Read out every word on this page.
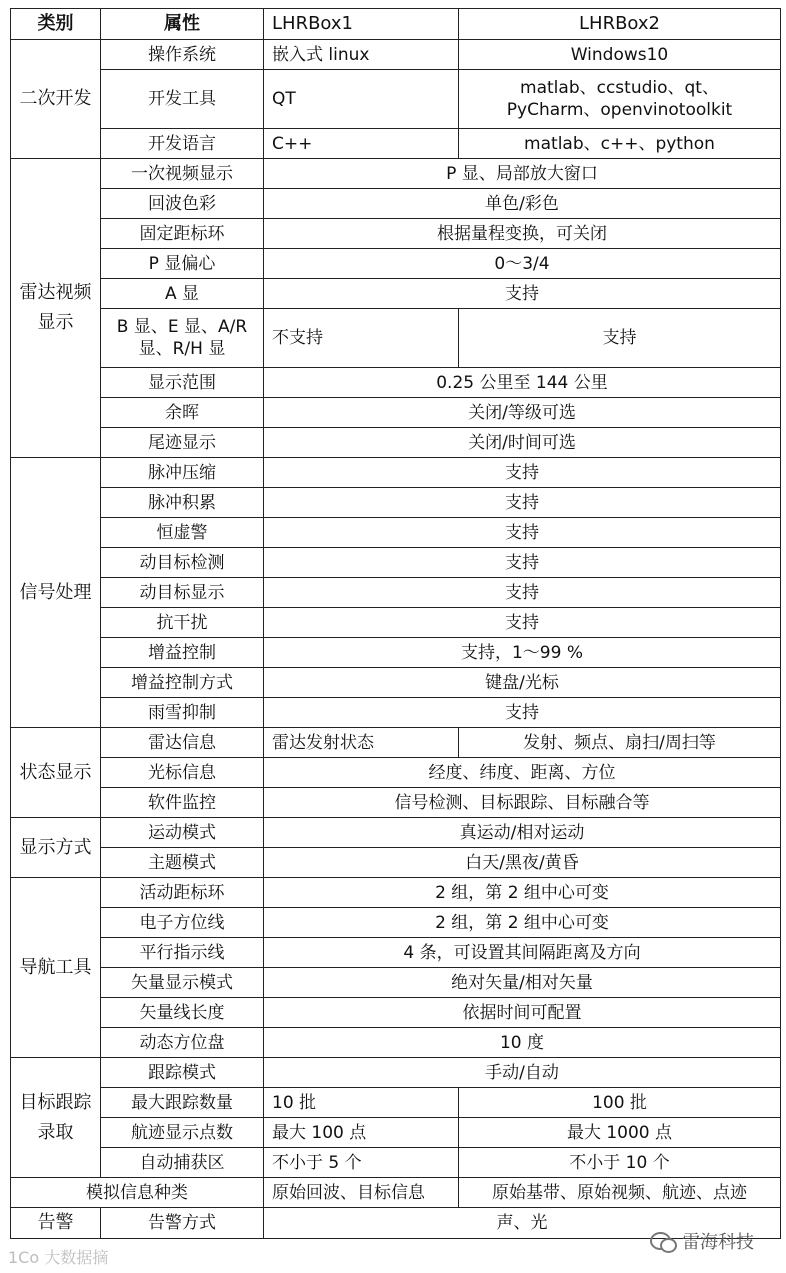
类别	属性	LHRBox1	LHRBox2
二次开发	操作系统	嵌入式 linux	Windows10
	开发工具	QT	matlab、ccstudio、qt、
PyCharm、openvinotoolkit

	开发语言	C++	matlab、c++、python
雷达视频显示	一次视频显示	P 显、局部放大窗口	
	回波色彩	单色/彩色	
	固定距标环	根据量程变换，可关闭	
	P 显偏心	0～3/4	
	A 显	支持	

	B 显、E 显、A/R
显、R/H 显	不支持	支持
	显示范围	0.25 公里至 144 公里	
	余晖	关闭/等级可选	
	尾迹显示	关闭/时间可选	
信号处理	脉冲压缩	支持	
	脉冲积累	支持	
	恒虚警	支持	
	动目标检测	支持	
	动目标显示	支持	
	抗干扰	支持	
	增益控制	支持，1～99 %	
	增益控制方式	键盘/光标	
	雨雪抑制	支持	
状态显示	雷达信息	雷达发射状态	发射、频点、扇扫/周扫等
	光标信息	经度、纬度、距离、方位	
	软件监控	信号检测、目标跟踪、目标融合等	
显示方式	运动模式	真运动/相对运动	
	主题模式	白天/黑夜/黄昏	
导航工具	活动距标环	2 组，第 2 组中心可变	
	电子方位线	2 组，第 2 组中心可变	
	平行指示线	4 条，可设置其间隔距离及方向	
	矢量显示模式	绝对矢量/相对矢量	
	矢量线长度	依据时间可配置	
	动态方位盘	10 度	
目标跟踪录取	跟踪模式	手动/自动	
	最大跟踪数量	10 批	100 批
	航迹显示点数	最大 100 点	最大 1000 点
	自动捕获区	不小于 5 个	不小于 10 个
模拟信息种类		原始回波、目标信息	原始基带、原始视频、航迹、点迹
告警	告警方式	声、光	
1Co 大数据摘
雷海科技
